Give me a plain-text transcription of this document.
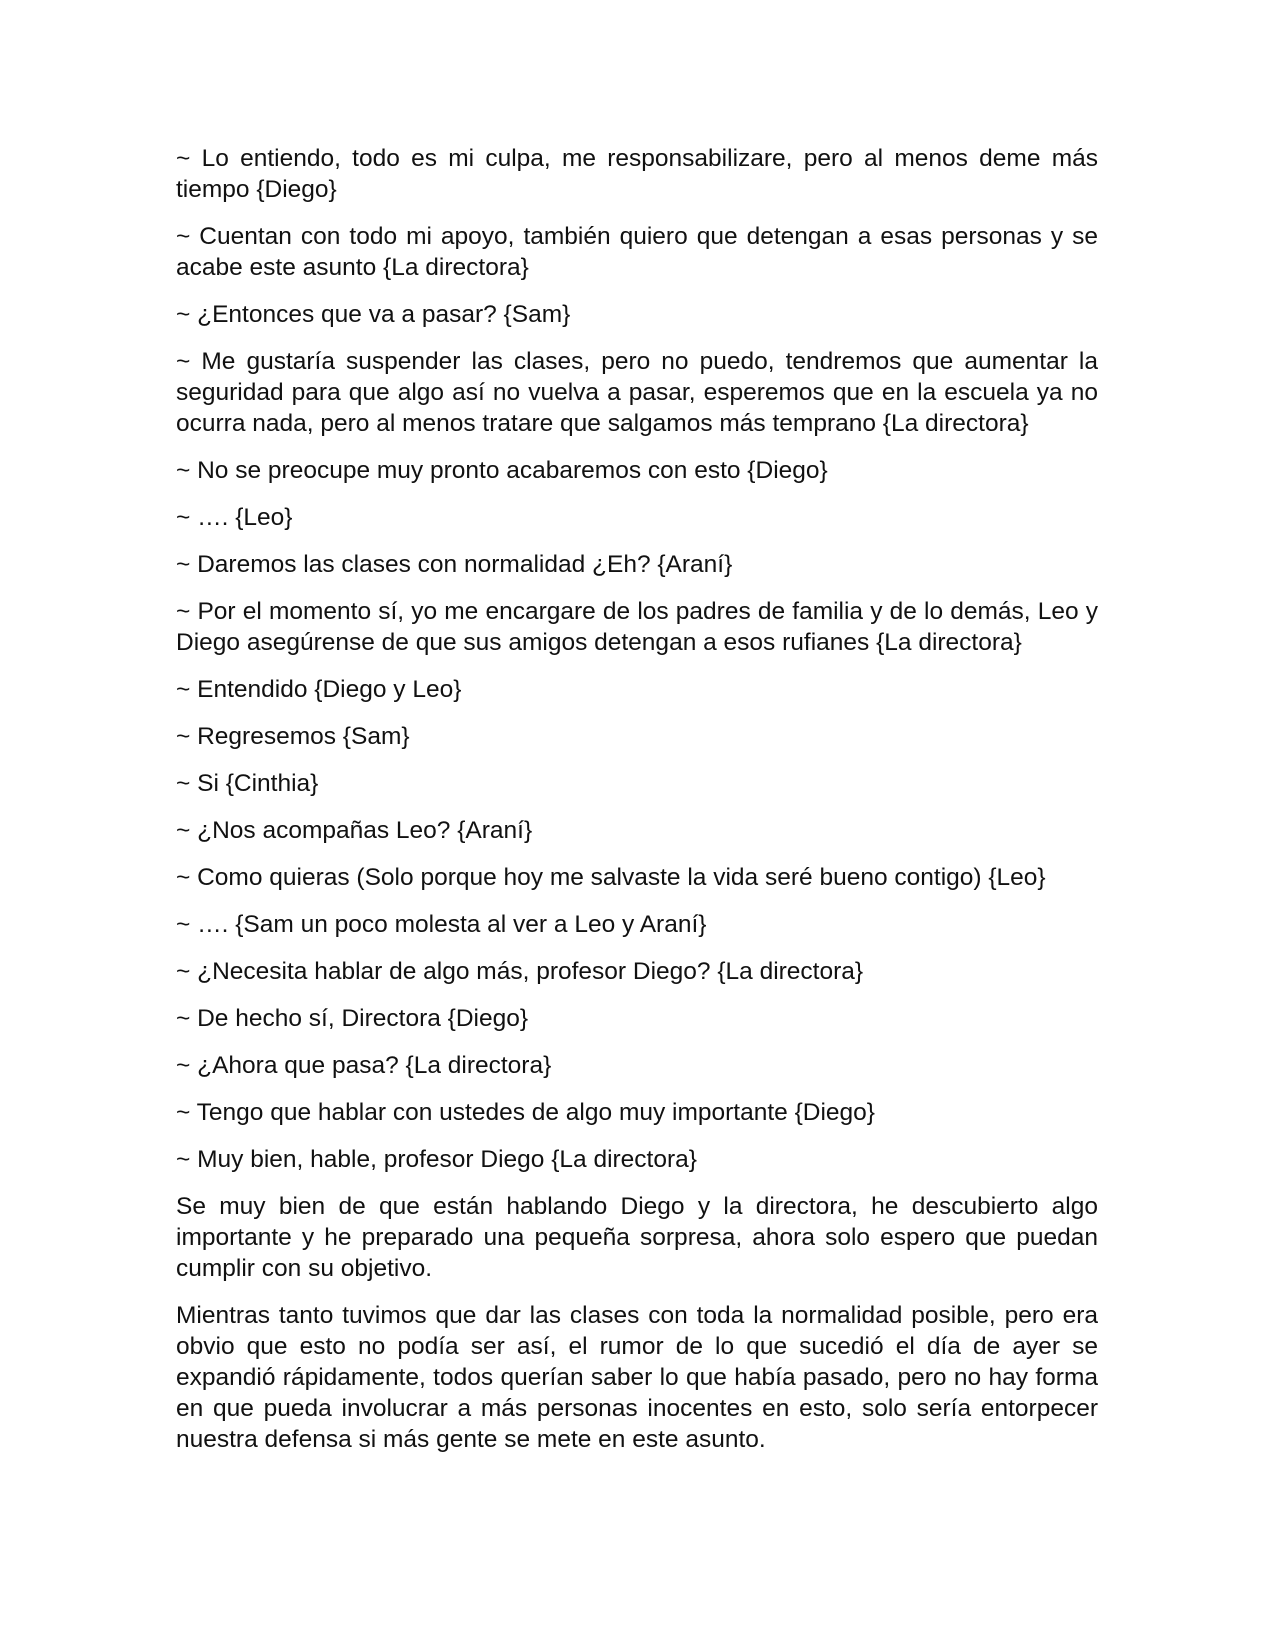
~ Lo entiendo, todo es mi culpa, me responsabilizare, pero al menos deme más tiempo {Diego}

~ Cuentan con todo mi apoyo, también quiero que detengan a esas personas y se acabe este asunto {La directora}

~ ¿Entonces que va a pasar? {Sam}

~ Me gustaría suspender las clases, pero no puedo, tendremos que aumentar la seguridad para que algo así no vuelva a pasar, esperemos que en la escuela ya no ocurra nada, pero al menos tratare que salgamos más temprano {La directora}

~ No se preocupe muy pronto acabaremos con esto {Diego}

~ …. {Leo}

~ Daremos las clases con normalidad ¿Eh? {Araní}

~ Por el momento sí, yo me encargare de los padres de familia y de lo demás, Leo y Diego asegúrense de que sus amigos detengan a esos rufianes {La directora}

~ Entendido {Diego y Leo}

~ Regresemos {Sam}

~ Si {Cinthia}

~ ¿Nos acompañas Leo? {Araní}

~ Como quieras (Solo porque hoy me salvaste la vida seré bueno contigo) {Leo}

~ …. {Sam un poco molesta al ver a Leo y Araní}

~ ¿Necesita hablar de algo más, profesor Diego? {La directora}

~ De hecho sí, Directora {Diego}

~ ¿Ahora que pasa? {La directora}

~ Tengo que hablar con ustedes de algo muy importante {Diego}

~ Muy bien, hable, profesor Diego {La directora}

Se muy bien de que están hablando Diego y la directora, he descubierto algo importante y he preparado una pequeña sorpresa, ahora solo espero que puedan cumplir con su objetivo.

Mientras tanto tuvimos que dar las clases con toda la normalidad posible, pero era obvio que esto no podía ser así, el rumor de lo que sucedió el día de ayer se expandió rápidamente, todos querían saber lo que había pasado, pero no hay forma en que pueda involucrar a más personas inocentes en esto, solo sería entorpecer nuestra defensa si más gente se mete en este asunto.
